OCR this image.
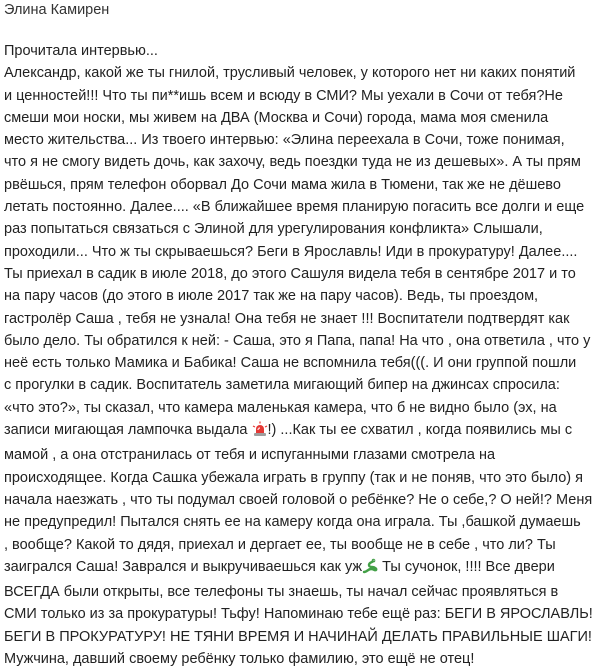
Элина Камирен
Прочитала интервью...
Александр, какой же ты гнилой, трусливый человек, у которого нет ни каких понятий
и ценностей!!! Что ты пи**ишь всем и всюду в СМИ? Мы уехали в Сочи от тебя?Не
смеши мои носки, мы живем на ДВА (Москва и Сочи) города, мама моя сменила
место жительства... Из твоего интервью: «Элина переехала в Сочи, тоже понимая,
что я не смогу видеть дочь, как захочу, ведь поездки туда не из дешевых». А ты прям
рвёшься, прям телефон оборвал До Сочи мама жила в Тюмени, так же не дёшево
летать постоянно. Далее.... «В ближайшее время планирую погасить все долги и еще
раз попытаться связаться с Элиной для урегулирования конфликта» Слышали,
проходили... Что ж ты скрываешься? Беги в Ярославль! Иди в прокуратуру! Далее....
Ты приехал в садик в июле 2018, до этого Сашуля видела тебя в сентябре 2017 и то
на пару часов (до этого в июле 2017 так же на пару часов). Ведь, ты проездом,
гастролёр Саша , тебя не узнала! Она тебя не знает !!! Воспитатели подтвердят как
было дело. Ты обратился к ней: - Саша, это я Папа, папа! На что , она ответила , что у
неё есть только Мамика и Бабика! Саша не вспомнила тебя(((. И они группой пошли
с прогулки в садик. Воспитатель заметила мигающий бипер на джинсах спросила:
«что это?», ты сказал, что камера маленькая камера, что б не видно было (эх, на
записи мигающая лампочка выдала !) ...Как ты ее схватил , когда появились мы с
мамой , а она отстранилась от тебя и испуганными глазами смотрела на
происходящее. Когда Сашка убежала играть в группу (так и не поняв, что это было) я
начала наезжать , что ты подумал своей головой о ребёнке? Не о себе,? О ней!? Меня
не предупредил! Пытался снять ее на камеру когда она играла. Ты ,башкой думаешь
, вообще? Какой то дядя, приехал и дергает ее, ты вообще не в себе , что ли? Ты
заигрался Саша! Заврался и выкручиваешься как уж Ты сучонок, !!!! Все двери
ВСЕГДА были открыты, все телефоны ты знаешь, ты начал сейчас проявляться в
СМИ только из за прокуратуры! Тьфу! Напоминаю тебе ещё раз: БЕГИ В ЯРОСЛАВЛЬ!
БЕГИ В ПРОКУРАТУРУ! НЕ ТЯНИ ВРЕМЯ И НАЧИНАЙ ДЕЛАТЬ ПРАВИЛЬНЫЕ ШАГИ!
Мужчина, давший своему ребёнку только фамилию, это ещё не отец!
